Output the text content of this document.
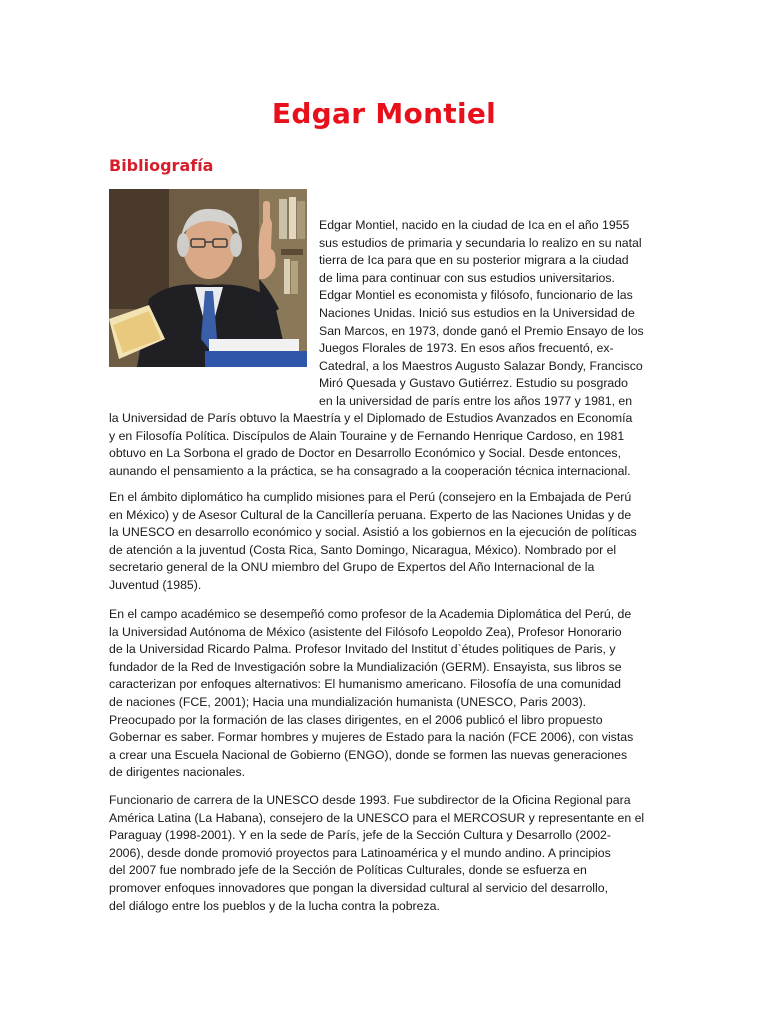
Edgar Montiel
Bibliografía

Edgar Montiel, nacido en la ciudad de Ica en el año 1955
sus estudios de primaria y secundaria lo realizo en su natal
tierra de Ica para que en su posterior migrara a la ciudad
de lima para continuar con sus estudios universitarios.
Edgar Montiel es economista y filósofo, funcionario de las
Naciones Unidas. Inició sus estudios en la Universidad de
San Marcos, en 1973, donde ganó el Premio Ensayo de los
Juegos Florales de 1973. En esos años frecuentó, ex-
Catedral, a los Maestros Augusto Salazar Bondy, Francisco
Miró Quesada y Gustavo Gutiérrez. Estudio su posgrado
en la universidad de parís entre los años 1977 y 1981, en

la Universidad de París obtuvo la Maestría y el Diplomado de Estudios Avanzados en Economía
y en Filosofía Política. Discípulos de Alain Touraine y de Fernando Henrique Cardoso, en 1981
obtuvo en La Sorbona el grado de Doctor en Desarrollo Económico y Social. Desde entonces,
aunando el pensamiento a la práctica, se ha consagrado a la cooperación técnica internacional.

En el ámbito diplomático ha cumplido misiones para el Perú (consejero en la Embajada de Perú
en México) y de Asesor Cultural de la Cancillería peruana. Experto de las Naciones Unidas y de
la UNESCO en desarrollo económico y social. Asistió a los gobiernos en la ejecución de políticas
de atención a la juventud (Costa Rica, Santo Domingo, Nicaragua, México). Nombrado por el
secretario general de la ONU miembro del Grupo de Expertos del Año Internacional de la
Juventud (1985).

En el campo académico se desempeñó como profesor de la Academia Diplomática del Perú, de
la Universidad Autónoma de México (asistente del Filósofo Leopoldo Zea), Profesor Honorario
de la Universidad Ricardo Palma. Profesor Invitado del Institut d`études politiques de Paris, y
fundador de la Red de Investigación sobre la Mundialización (GERM). Ensayista, sus libros se
caracterizan por enfoques alternativos: El humanismo americano. Filosofía de una comunidad
de naciones (FCE, 2001); Hacia una mundialización humanista (UNESCO, Paris 2003).
Preocupado por la formación de las clases dirigentes, en el 2006 publicó el libro propuesto
Gobernar es saber. Formar hombres y mujeres de Estado para la nación (FCE 2006), con vistas
a crear una Escuela Nacional de Gobierno (ENGO), donde se formen las nuevas generaciones
de dirigentes nacionales.

Funcionario de carrera de la UNESCO desde 1993. Fue subdirector de la Oficina Regional para
América Latina (La Habana), consejero de la UNESCO para el MERCOSUR y representante en el
Paraguay (1998-2001). Y en la sede de París, jefe de la Sección Cultura y Desarrollo (2002-
2006), desde donde promovió proyectos para Latinoamérica y el mundo andino. A principios
del 2007 fue nombrado jefe de la Sección de Políticas Culturales, donde se esfuerza en
promover enfoques innovadores que pongan la diversidad cultural al servicio del desarrollo,
del diálogo entre los pueblos y de la lucha contra la pobreza.
